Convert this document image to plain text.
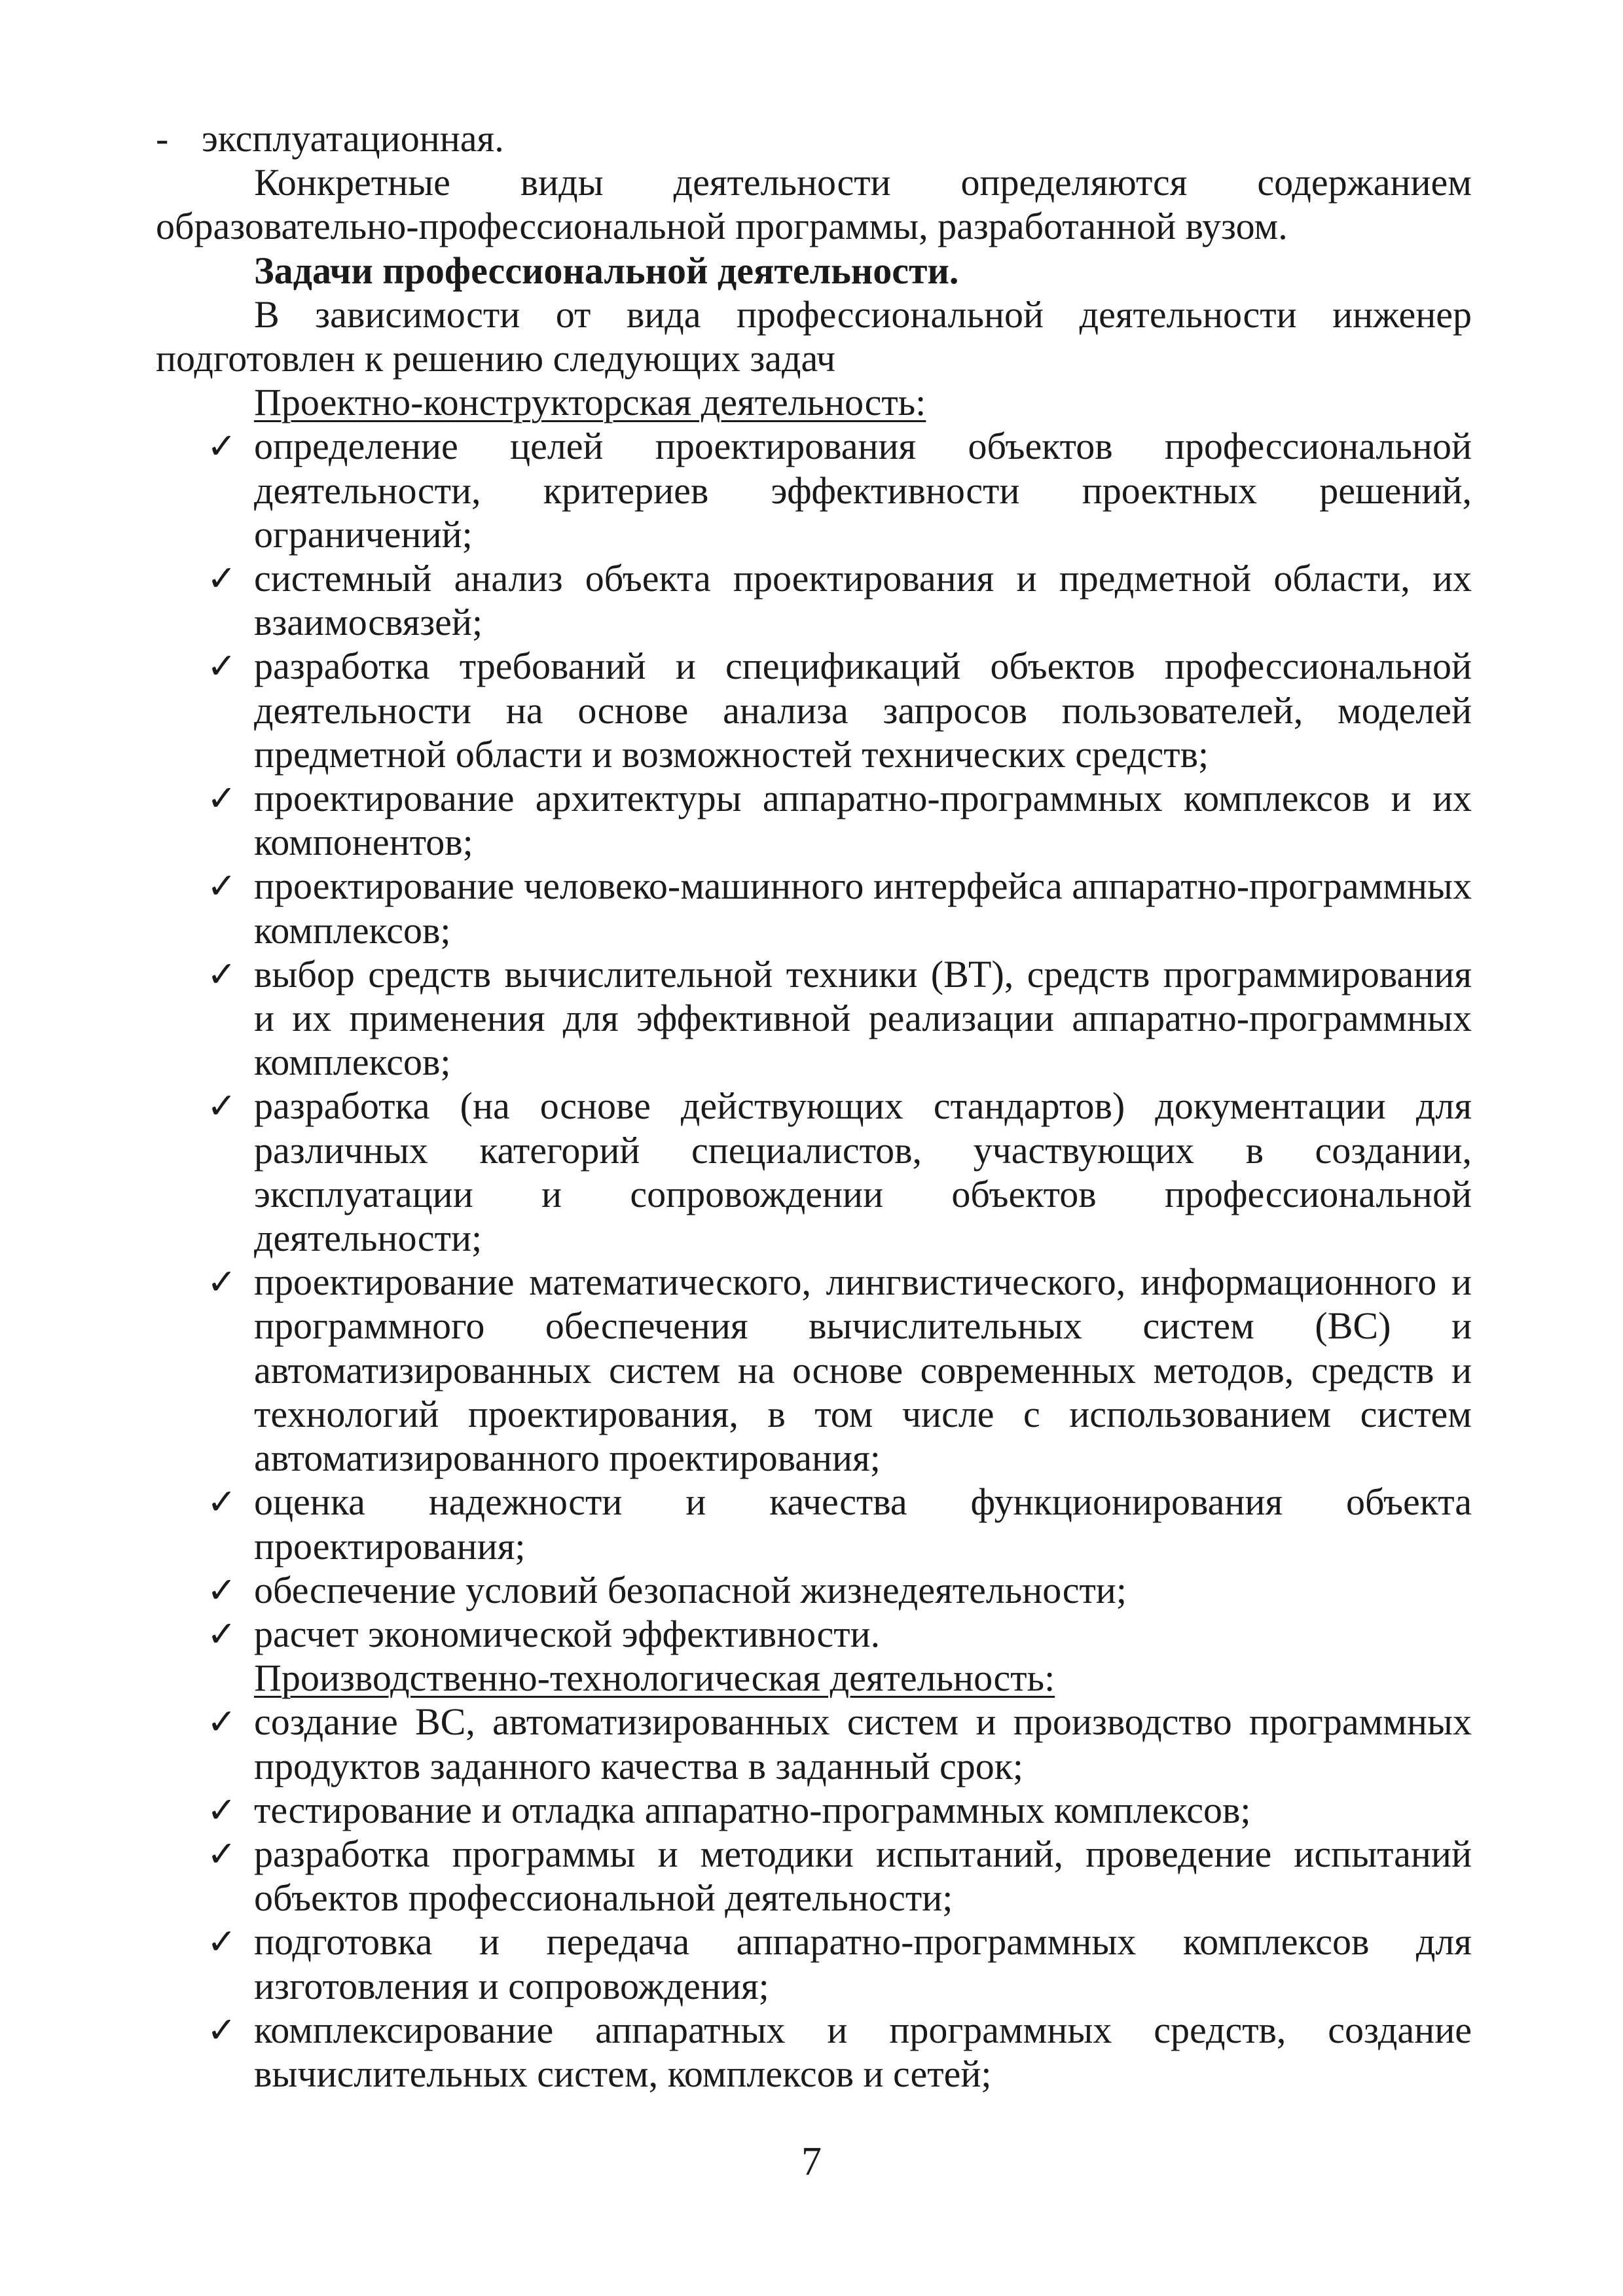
- эксплуатационная.

Конкретные виды деятельности определяются содержанием образовательно-профессиональной программы, разработанной вузом.

Задачи профессиональной деятельности.

В зависимости от вида профессиональной деятельности инженер подготовлен к решению следующих задач

Проектно-конструкторская деятельность:

✓ определение целей проектирования объектов профессиональной деятельности, критериев эффективности проектных решений, ограничений;
✓ системный анализ объекта проектирования и предметной области, их взаимосвязей;
✓ разработка требований и спецификаций объектов профессиональной деятельности на основе анализа запросов пользователей, моделей предметной области и возможностей технических средств;
✓ проектирование архитектуры аппаратно-программных комплексов и их компонентов;
✓ проектирование человеко-машинного интерфейса аппаратно-программных комплексов;
✓ выбор средств вычислительной техники (ВТ), средств программирования и их применения для эффективной реализации аппаратно-программных комплексов;
✓ разработка (на основе действующих стандартов) документации для различных категорий специалистов, участвующих в создании, эксплуатации и сопровождении объектов профессиональной деятельности;
✓ проектирование математического, лингвистического, информационного и программного обеспечения вычислительных систем (ВС) и автоматизированных систем на основе современных методов, средств и технологий проектирования, в том числе с использованием систем автоматизированного проектирования;
✓ оценка надежности и качества функционирования объекта проектирования;
✓ обеспечение условий безопасной жизнедеятельности;
✓ расчет экономической эффективности.

Производственно-технологическая деятельность:

✓ создание ВС, автоматизированных систем и производство программных продуктов заданного качества в заданный срок;
✓ тестирование и отладка аппаратно-программных комплексов;
✓ разработка программы и методики испытаний, проведение испытаний объектов профессиональной деятельности;
✓ подготовка и передача аппаратно-программных комплексов для изготовления и сопровождения;
✓ комплексирование аппаратных и программных средств, создание вычислительных систем, комплексов и сетей;
7
